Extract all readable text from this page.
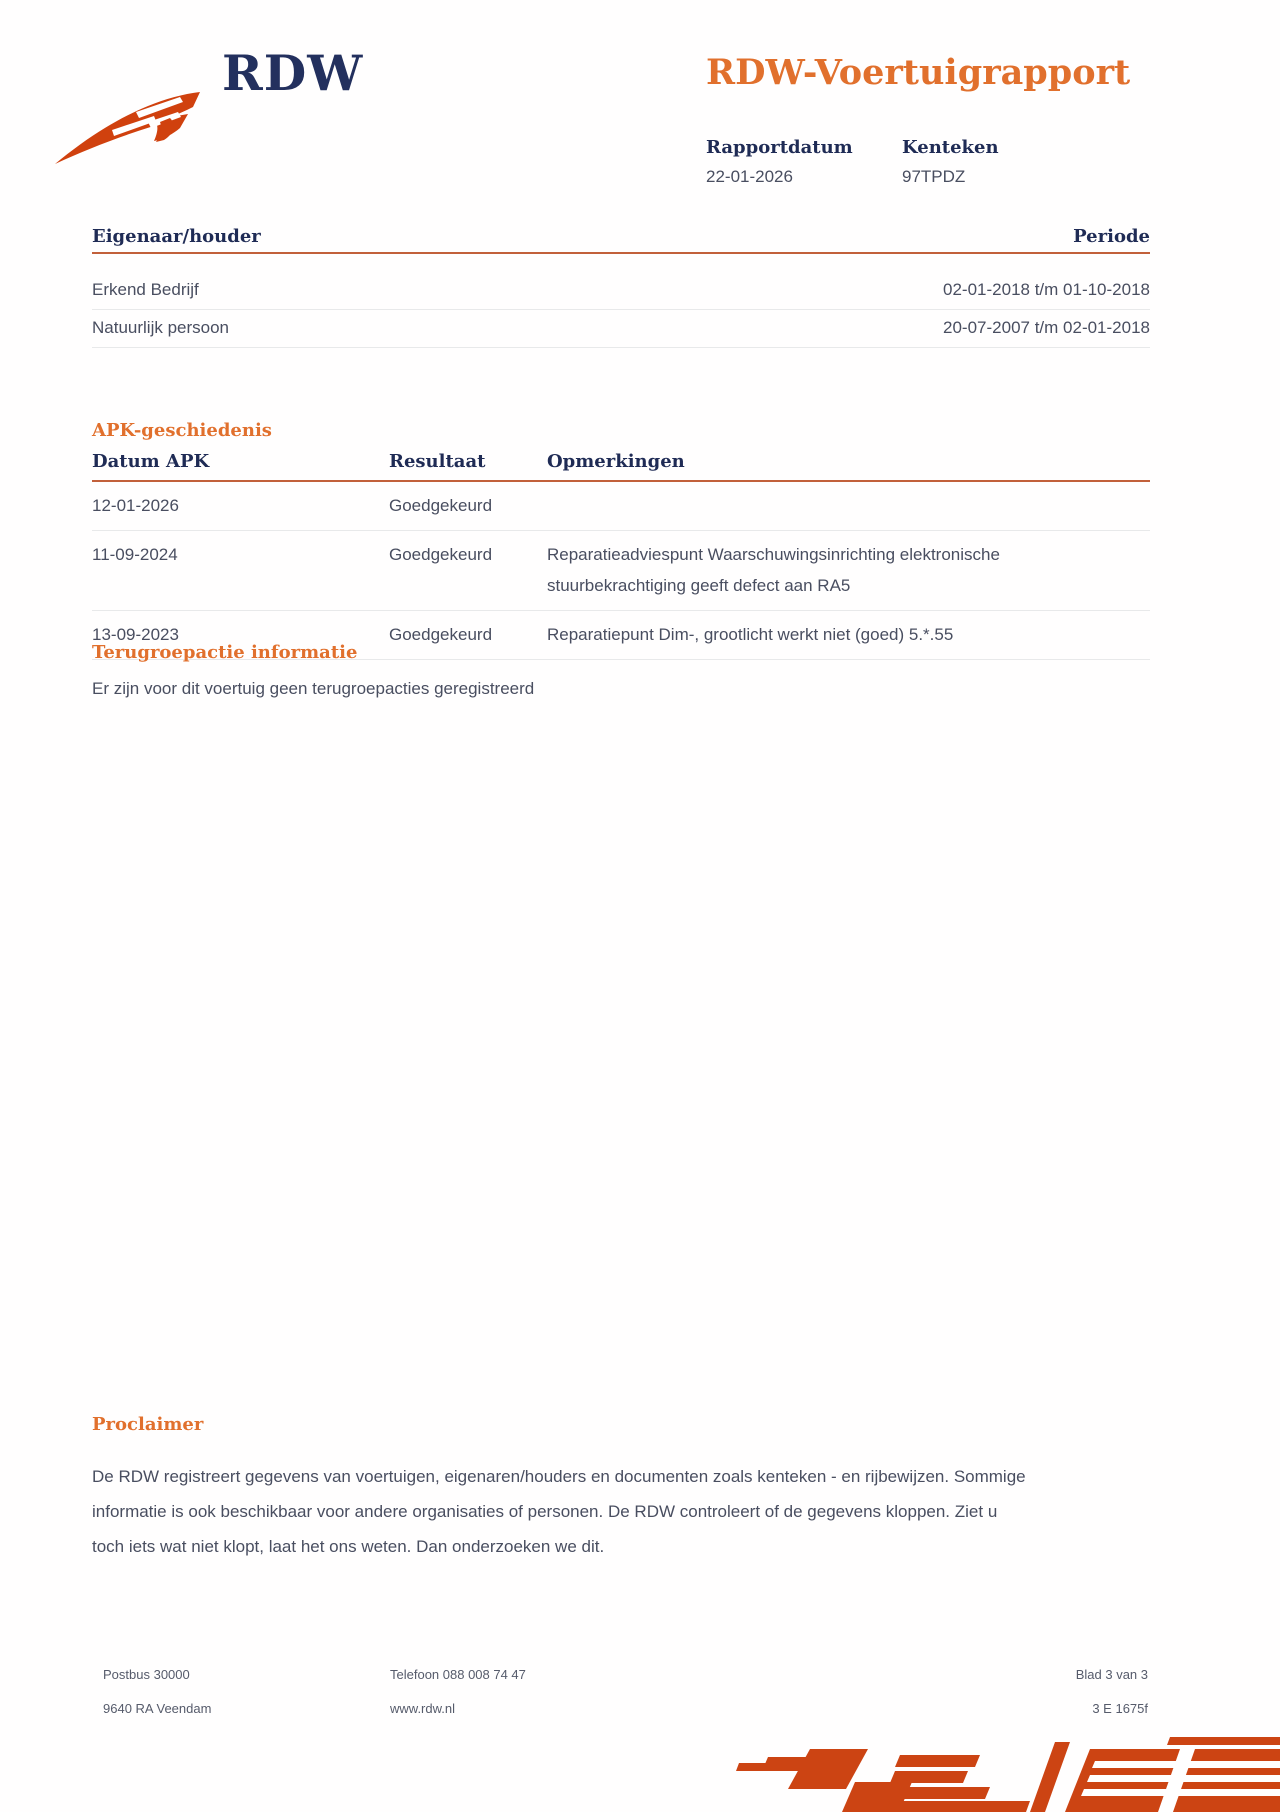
RDW	RDW-Voertuigrapport
Rapportdatum	Kenteken
22-01-2026	97TPDZ
Eigenaar/houder	Periode
Erkend Bedrijf	02-01-2018 t/m 01-10-2018
Natuurlijk persoon	20-07-2007 t/m 02-01-2018
APK-geschiedenis
Datum APK	Resultaat	Opmerkingen
12-01-2026	Goedgekeurd
11-09-2024	Goedgekeurd	Reparatieadviespunt Waarschuwingsinrichting elektronische stuurbekrachtiging geeft defect aan RA5
13-09-2023	Goedgekeurd	Reparatiepunt Dim-, grootlicht werkt niet (goed) 5.*.55
Terugroepactie informatie
Er zijn voor dit voertuig geen terugroepacties geregistreerd
Proclaimer
De RDW registreert gegevens van voertuigen, eigenaren/houders en documenten zoals kenteken - en rijbewijzen. Sommige informatie is ook beschikbaar voor andere organisaties of personen. De RDW controleert of de gegevens kloppen. Ziet u toch iets wat niet klopt, laat het ons weten. Dan onderzoeken we dit.
Postbus 30000
9640 RA Veendam
Telefoon 088 008 74 47
www.rdw.nl
Blad 3 van 3
3 E 1675f
